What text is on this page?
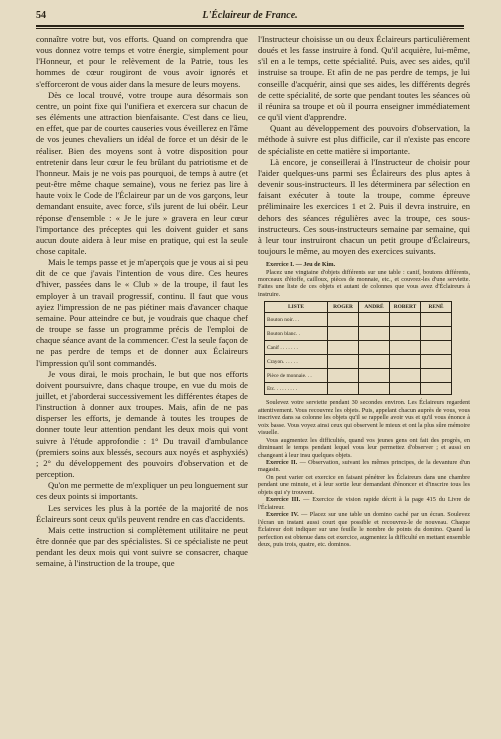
54	L'Éclaireur de France.

connaître votre but, vos efforts. Quand on comprendra que vous donnez votre temps et votre énergie, simplement pour l'Honneur, et pour le relèvement de la Patrie, tous les hommes de cœur rougiront de vous avoir ignorés et s'efforceront de vous aider dans la mesure de leurs moyens.

Dès ce local trouvé, votre troupe aura désormais son centre, un point fixe qui l'unifiera et exercera sur chacun de ses éléments une attraction bienfaisante. C'est dans ce lieu, en effet, que par de courtes causeries vous éveillerez en l'âme de vos jeunes chevaliers un idéal de force et un désir de le réaliser. Bien des moyens sont à votre disposition pour entretenir dans leur cœur le feu brûlant du patriotisme et de l'honneur. Mais je ne vois pas pourquoi, de temps à autre (et peut-être même chaque semaine), vous ne feriez pas lire à haute voix le Code de l'Éclaireur par un de vos garçons, leur demandant ensuite, avec force, s'ils jurent de lui obéir. Leur réponse d'ensemble : « Je le jure » gravera en leur cœur l'importance des préceptes qui les doivent guider et sans aucun doute aidera à leur mise en pratique, qui est la seule chose capitale.

Mais le temps passe et je m'aperçois que je vous ai si peu dit de ce que j'avais l'intention de vous dire. Ces heures d'hiver, passées dans le « Club » de la troupe, il faut les employer à un travail progressif, continu. Il faut que vous ayiez l'impression de ne pas piétiner mais d'avancer chaque semaine. Pour atteindre ce but, je voudrais que chaque chef de troupe se fasse un programme précis de l'emploi de chaque séance avant de la commencer. C'est la seule façon de ne pas perdre de temps et de donner aux Éclaireurs l'impression qu'il sont commandés.

Je vous dirai, le mois prochain, le but que nos efforts doivent poursuivre, dans chaque troupe, en vue du mois de juillet, et j'aborderai successivement les différentes étapes de l'instruction à donner aux troupes. Mais, afin de ne pas disperser les efforts, je demande à toutes les troupes de donner toute leur attention pendant les deux mois qui vont suivre à l'étude approfondie : 1° Du travail d'ambulance (premiers soins aux blessés, secours aux noyés et asphyxiés) ; 2° du développement des pouvoirs d'observation et de perception.

Qu'on me permette de m'expliquer un peu longuement sur ces deux points si importants.

Les services les plus à la portée de la majorité de nos Éclaireurs sont ceux qu'ils peuvent rendre en cas d'accidents.

Mais cette instruction si complètement utilitaire ne peut être donnée que par des spécialistes. Si ce spécialiste ne peut pendant les deux mois qui vont suivre se consacrer, chaque semaine, à l'instruction de la troupe, que

l'Instructeur choisisse un ou deux Éclaireurs particulièrement doués et les fasse instruire à fond. Qu'il acquière, lui-même, s'il en a le temps, cette spécialité. Puis, avec ses aides, qu'il instruise sa troupe. Et afin de ne pas perdre de temps, je lui conseille d'acquérir, ainsi que ses aides, les différents degrés de cette spécialité, de sorte que pendant toutes les séances où il réunira sa troupe et où il pourra enseigner immédiatement ce qu'il vient d'apprendre.

Quant au développement des pouvoirs d'observation, la méthode à suivre est plus difficile, car il n'existe pas encore de spécialiste en cette matière si importante.

Là encore, je conseillerai à l'Instructeur de choisir pour l'aider quelques-uns parmi ses Éclaireurs des plus aptes à devenir sous-instructeurs. Il les déterminera par sélection en faisant exécuter à toute la troupe, comme épreuve préliminaire les exercices 1 et 2. Puis il devra instruire, en dehors des séances régulières avec la troupe, ces sous-instructeurs. Ces sous-instructeurs semaine par semaine, qui à leur tour instruiront chacun un petit groupe d'Éclaireurs, toujours le même, au moyen des exercices suivants.

Exercice I. — Jeu de Kim.

Placez une vingtaine d'objets différents sur une table : canif, boutons différents, morceaux d'étoffe, cailloux, pièces de monnaie, etc., et couvrez-les d'une serviette. Faites une liste de ces objets et autant de colonnes que vous avez d'Éclaireurs à instruire.

LISTE	ROGER	ANDRÉ	ROBERT	RENÉ
Bouton noir. . .				
Bouton blanc. .				
Canif . . . . . . .				
Crayon. . . . . .				
Pièce de monnaie. . .				
Etc. . . . . . . . .				

Soulevez votre serviette pendant 30 secondes environ. Les Éclaireurs regardent attentivement. Vous recouvrez les objets. Puis, appelant chacun auprès de vous, vous inscrivez dans sa colonne les objets qu'il se rappelle avoir vus et qu'il vous énonce à voix basse. Vous voyez ainsi ceux qui observent le mieux et ont la plus sûre mémoire visuelle.

Vous augmentez les difficultés, quand vos jeunes gens ont fait des progrès, en diminuant le temps pendant lequel vous leur permettez d'observer ; et aussi en changeant à leur insu quelques objets.

Exercice II. — Observation, suivant les mêmes principes, de la devanture d'un magasin.

On peut varier cet exercice en faisant pénétrer les Éclaireurs dans une chambre pendant une minute, et à leur sortie leur demandant d'énoncer et d'inscrire tous les objets qui s'y trouvent.

Exercice III. — Exercice de vision rapide décrit à la page 415 du Livre de l'Éclaireur.

Exercice IV. — Placez sur une table un domino caché par un écran. Soulevez l'écran un instant aussi court que possible et recouvrez-le de nouveau. Chaque Éclaireur doit indiquer sur une feuille le nombre de points du domino. Quand la perfection est obtenue dans cet exercice, augmentez la difficulté en mettant ensemble deux, puis trois, quatre, etc. dominos.
